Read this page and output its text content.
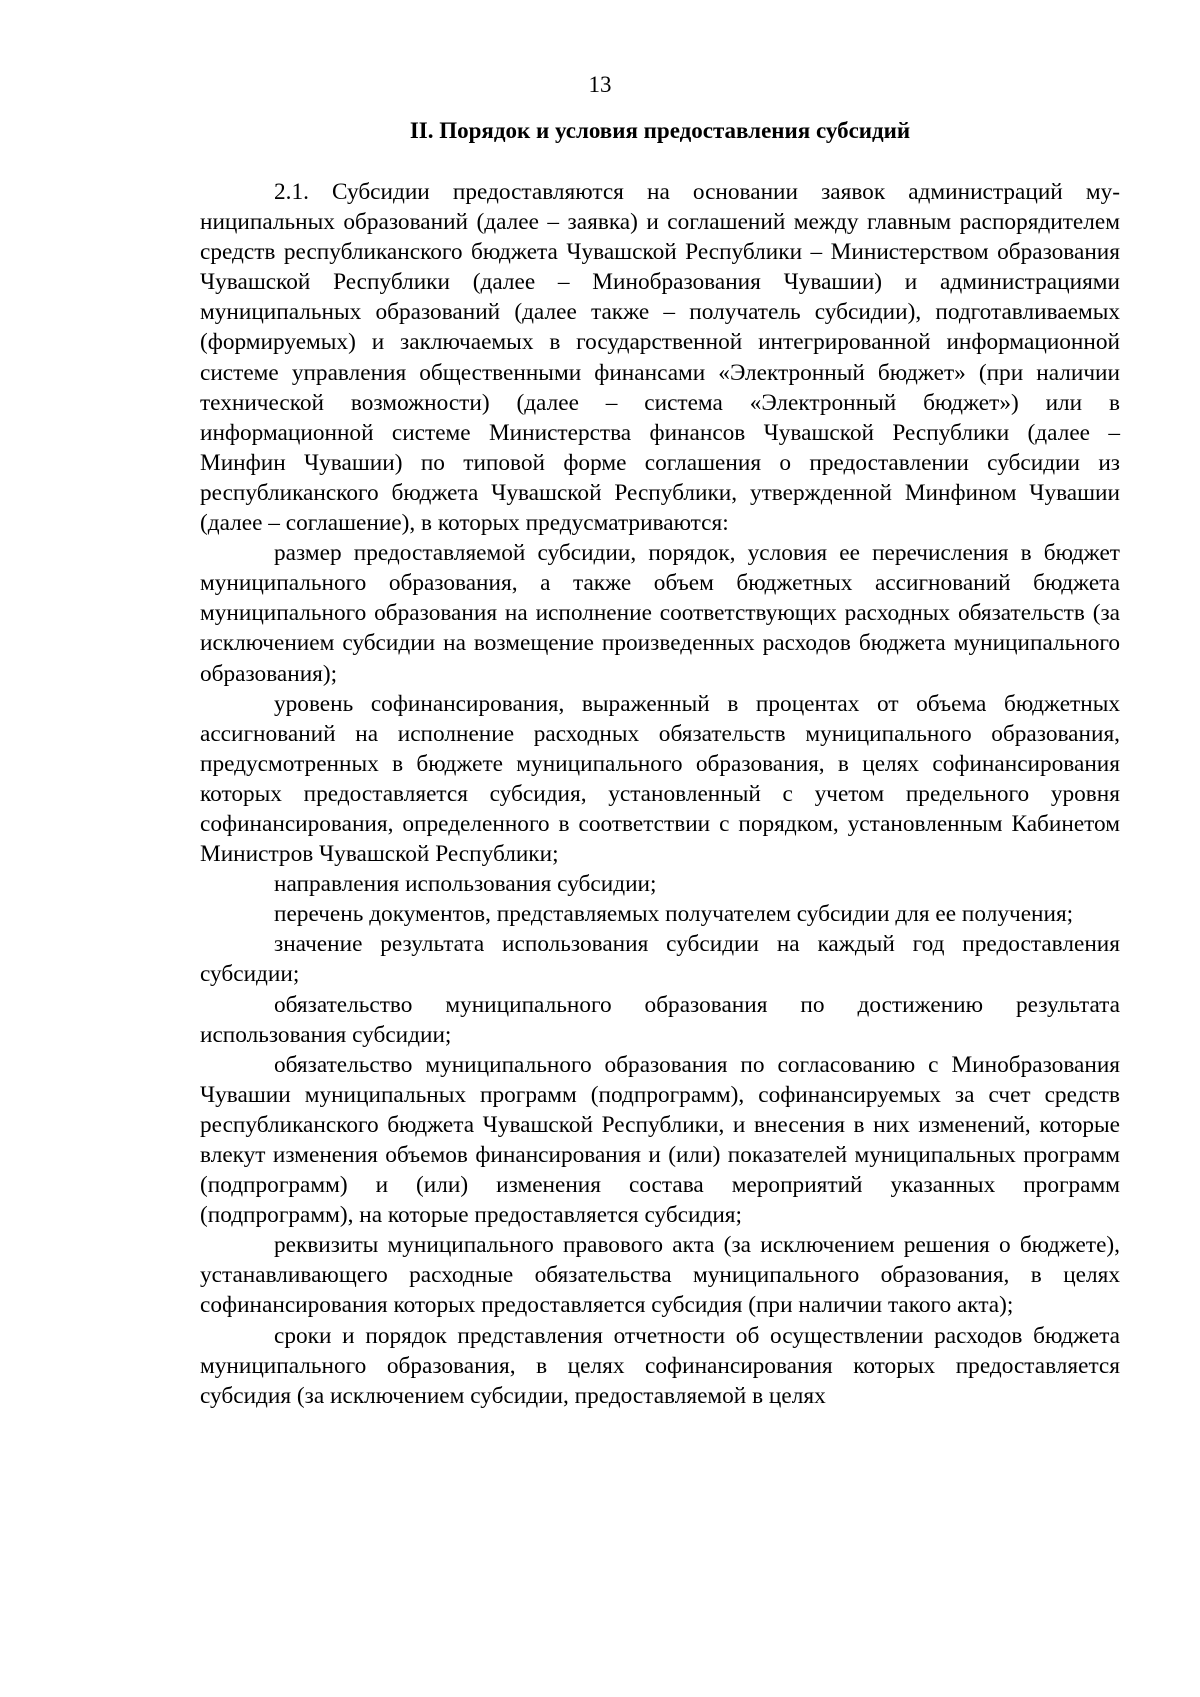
13
II. Порядок и условия предоставления субсидий

2.1. Субсидии предоставляются на основании заявок администраций муниципальных образований (далее – заявка) и соглашений между главным распорядителем средств республиканского бюджета Чувашской Республики – Министерством образования Чувашской Республики (далее – Минобразования Чувашии) и администрациями муниципальных образований (далее также – получатель субсидии), подготавливаемых (формируемых) и заключаемых в государственной интегрированной информационной системе управления общественными финансами «Электронный бюджет» (при наличии технической возможности) (далее – система «Электронный бюджет») или в информационной системе Министерства финансов Чувашской Республики (далее – Минфин Чувашии) по типовой форме соглашения о предоставлении субсидии из республиканского бюджета Чувашской Республики, утвержденной Минфином Чувашии (далее – соглашение), в которых предусматриваются:

размер предоставляемой субсидии, порядок, условия ее перечисления в бюджет муниципального образования, а также объем бюджетных ассигнований бюджета муниципального образования на исполнение соответствующих расходных обязательств (за исключением субсидии на возмещение произведенных расходов бюджета муниципального образования);

уровень софинансирования, выраженный в процентах от объема бюджетных ассигнований на исполнение расходных обязательств муниципального образования, предусмотренных в бюджете муниципального образования, в целях софинансирования которых предоставляется субсидия, установленный с учетом предельного уровня софинансирования, определенного в соответствии с порядком, установленным Кабинетом Министров Чувашской Республики;

направления использования субсидии;

перечень документов, представляемых получателем субсидии для ее получения;

значение результата использования субсидии на каждый год предоставления субсидии;

обязательство муниципального образования по достижению результата использования субсидии;

обязательство муниципального образования по согласованию с Минобразования Чувашии муниципальных программ (подпрограмм), софинансируемых за счет средств республиканского бюджета Чувашской Республики, и внесения в них изменений, которые влекут изменения объемов финансирования и (или) показателей муниципальных программ (подпрограмм) и (или) изменения состава мероприятий указанных программ (подпрограмм), на которые предоставляется субсидия;

реквизиты муниципального правового акта (за исключением решения о бюджете), устанавливающего расходные обязательства муниципального образования, в целях софинансирования которых предоставляется субсидия (при наличии такого акта);

сроки и порядок представления отчетности об осуществлении расходов бюджета муниципального образования, в целях софинансирования которых предоставляется субсидия (за исключением субсидии, предоставляемой в целях
